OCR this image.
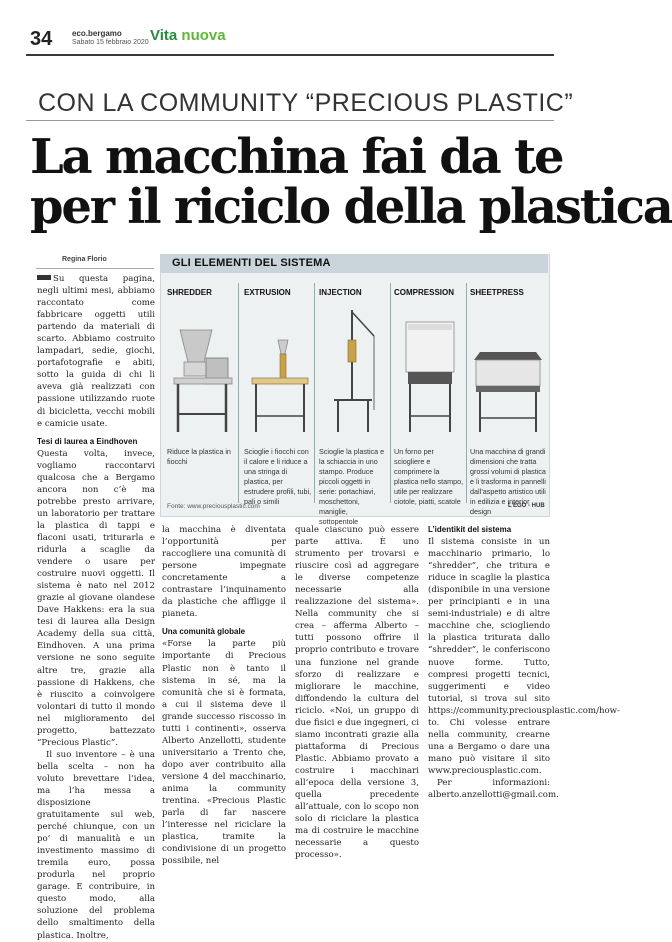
34 eco.bergamo
Sabato 15 febbraio 2020 Vita nuova
CON LA COMMUNITY “PRECIOUS PLASTIC”
La macchina fai da te
per il riciclo della plastica
Regina Florio

Su questa pagina, negli ultimi mesi, abbiamo raccontato come fabbricare oggetti utili partendo da materiali di scarto. Abbiamo costruito lampadari, sedie, giochi, portafotografie e abiti, sotto la guida di chi li aveva già realizzati con passione utilizzando ruote di bicicletta, vecchi mobili e camicie usate.

Tesi di laurea a Eindhoven

Questa volta, invece, vogliamo raccontarvi qualcosa che a Bergamo ancora non c’è ma potrebbe presto arrivare, un laboratorio per trattare la plastica di tappi e flaconi usati, triturarla e ridurla a scaglie da vendere o usare per costruire nuovi oggetti. Il sistema è nato nel 2012 grazie al giovane olandese Dave Hakkens: era la sua tesi di laurea alla Design Academy della sua città, Eindhoven. A una prima versione ne sono seguite altre tre, grazie alla passione di Hakkens, che è riuscito a coinvolgere volontari di tutto il mondo nel miglioramento del progetto, battezzato “Precious Plastic”.

Il suo inventore – è una bella scelta – non ha voluto brevettare l’idea, ma l’ha messa a disposizione gratuitamente sul web, perché chiunque, con un po’ di manualità e un investimento massimo di tremila euro, possa produrla nel proprio garage. E contribuire, in questo modo, alla soluzione del problema dello smaltimento della plastica. Inoltre,

GLI ELEMENTI DEL SISTEMA
SHREDDER	EXTRUSION	INJECTION	COMPRESSION SHEETPRESS
Riduce la plastica in fiocchi
Scioglie i fiocchi con il calore e li riduce a una stringa di plastica, per estrudere profili, tubi, pali o simili
Scioglie la plastica e la schiaccia in uno stampo. Produce piccoli oggetti in serie: portachiavi, moschettoni, maniglie, sottopentole
Un forno per sciogliere e comprimere la plastica nello stampo, utile per realizzare ciotole, piatti, scatole
Una macchina di grandi dimensioni che tratta grossi volumi di plastica e li trasforma in pannelli dall’aspetto artistico utili in edilizia e interior design
Fonte: www.preciousplastic.com	L’EGO - HUB

la macchina è diventata l’opportunità per raccogliere una comunità di persone impegnate concretamente a contrastare l’inquinamento da plastiche che affligge il pianeta.

Una comunità globale

«Forse la parte più importante di Precious Plastic non è tanto il sistema in sé, ma la comunità che si è formata, a cui il sistema deve il grande successo riscosso in tutti i continenti», osserva Alberto Anzellotti, studente universitario a Trento che, dopo aver contribuito alla versione 4 del macchinario, anima la community trentina. «Precious Plastic parla di far nascere l’interesse nel riciclare la plastica, tramite la condivisione di un progetto possibile, nel

quale ciascuno può essere parte attiva. È uno strumento per trovarsi e riuscire così ad aggregare le diverse competenze necessarie alla realizzazione del sistema». Nella community che si crea – afferma Alberto – tutti possono offrire il proprio contributo e trovare una funzione nel grande sforzo di realizzare e migliorare le macchine, diffondendo la cultura del riciclo. «Noi, un gruppo di due fisici e due ingegneri, ci siamo incontrati grazie alla piattaforma di Precious Plastic. Abbiamo provato a costruire i macchinari all’epoca della versione 3, quella precedente all’attuale, con lo scopo non solo di riciclare la plastica ma di costruire le macchine necessarie a questo processo».

L’identikit del sistema

Il sistema consiste in un macchinario primario, lo “shredder”, che tritura e riduce in scaglie la plastica (disponibile in una versione per principianti e in una semi-industriale) e di altre macchine che, sciogliendo la plastica triturata dallo “shredder”, le conferiscono nuove forme. Tutto, compresi progetti tecnici, suggerimenti e video tutorial, si trova sul sito https://community.preciousplastic.com/how-to. Chi volesse entrare nella community, crearne una a Bergamo o dare una mano può visitare il sito www.preciousplastic.com.

Per informazioni: alberto.anzellotti@gmail.com.
